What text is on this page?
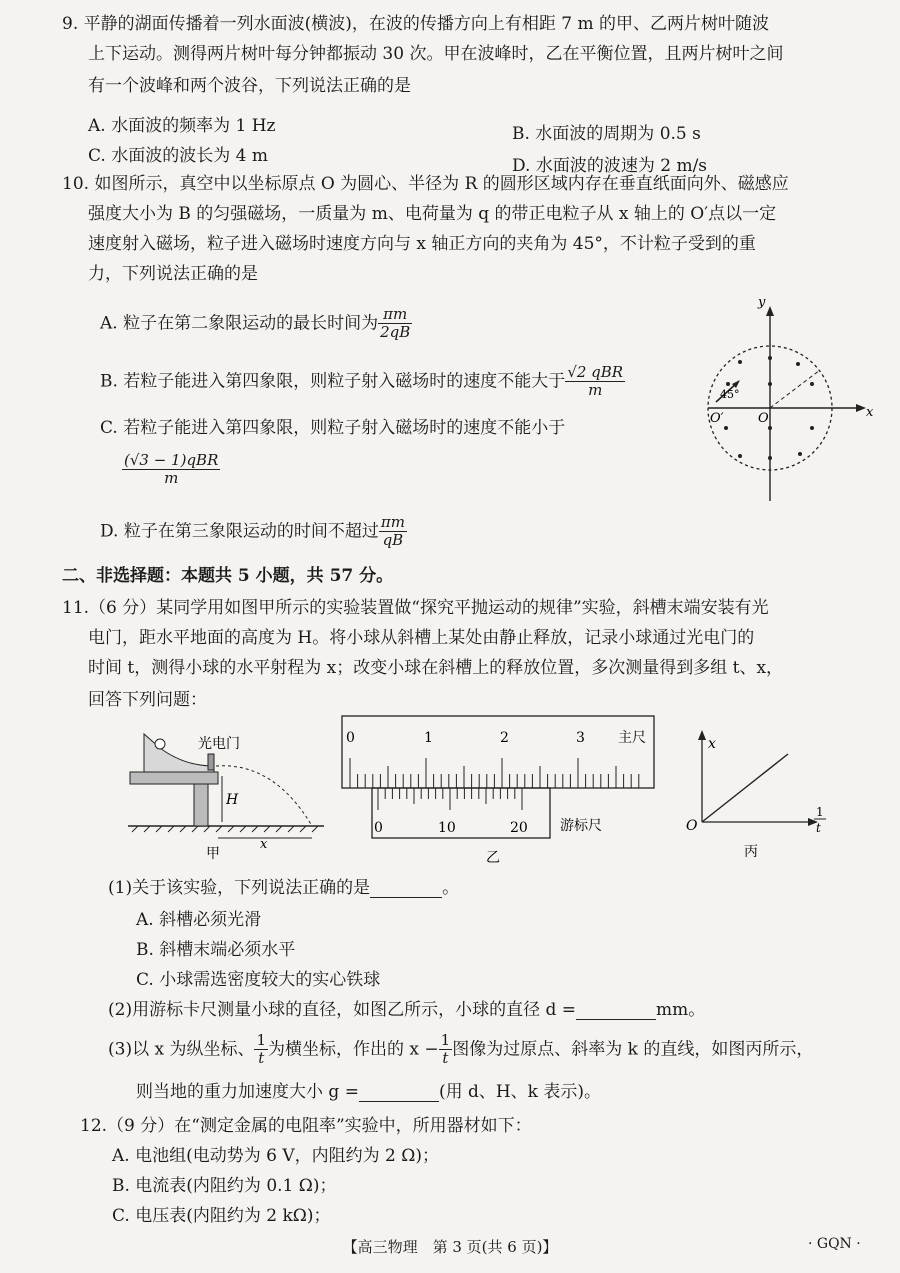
9. 平静的湖面传播着一列水面波(横波)，在波的传播方向上有相距 7 m 的甲、乙两片树叶随波
上下运动。测得两片树叶每分钟都振动 30 次。甲在波峰时，乙在平衡位置，且两片树叶之间
有一个波峰和两个波谷，下列说法正确的是
A. 水面波的频率为 1 Hz	B. 水面波的周期为 0.5 s
C. 水面波的波长为 4 m	D. 水面波的波速为 2 m/s
10. 如图所示，真空中以坐标原点 O 为圆心、半径为 R 的圆形区域内存在垂直纸面向外、磁感应
强度大小为 B 的匀强磁场，一质量为 m、电荷量为 q 的带正电粒子从 x 轴上的 O′点以一定
速度射入磁场，粒子进入磁场时速度方向与 x 轴正方向的夹角为 45°，不计粒子受到的重
力，下列说法正确的是
A. 粒子在第二象限运动的最长时间为 $\frac{\pi m}{2qB}$
B. 若粒子能进入第四象限，则粒子射入磁场时的速度不能大于 √2 qBR
m
C. 若粒子能进入第四象限，则粒子射入磁场时的速度不能小于
(√3 − 1)qBR
m
D. 粒子在第三象限运动的时间不超过 $\frac{\pi m}{qB}$
y
x
O
O′
45°
二、非选择题：本题共 5 小题，共 57 分。
11.（6 分）某同学用如图甲所示的实验装置做“探究平抛运动的规律”实验，斜槽末端安装有光
电门，距水平地面的高度为 H。将小球从斜槽上某处由静止释放，记录小球通过光电门的
时间 t，测得小球的水平射程为 x；改变小球在斜槽上的释放位置，多次测量得到多组 t、x，
回答下列问题：
光电门
H
x
甲
0	1	2	3 主尺
0	10	20 游标尺
乙
x
O
1
t
丙
(1)关于该实验，下列说法正确的是	。
A. 斜槽必须光滑
B. 斜槽末端必须水平
C. 小球需选密度较大的实心铁球
(2)用游标卡尺测量小球的直径，如图乙所示，小球的直径 d =	mm。
(3)以 x 为纵坐标、 $\frac{1}{t}$ 为横坐标，作出的 $x - \frac{1}{t}$ 图像为过原点、斜率为 k 的直线，如图丙所示，
则当地的重力加速度大小 g =	(用 d、H、k 表示)。
12.（9 分）在“测定金属的电阻率”实验中，所用器材如下：
A. 电池组(电动势为 6 V，内阻约为 2 Ω)；
B. 电流表(内阻约为 0.1 Ω)；
C. 电压表(内阻约为 2 kΩ)；
【高三物理　第 3 页(共 6 页)】	· GQN ·
